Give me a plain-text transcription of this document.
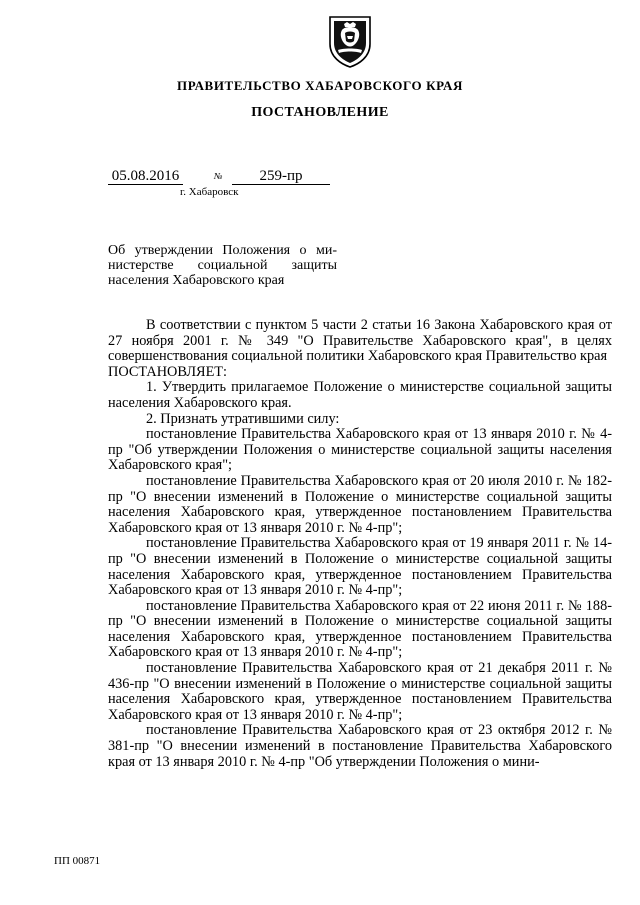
ПРАВИТЕЛЬСТВО ХАБАРОВСКОГО КРАЯ
ПОСТАНОВЛЕНИЕ
05.08.2016	№	259-пр
г. Хабаровск
Об утверждении Положения о ми-
нистерстве социальной защиты
населения Хабаровского края

В соответствии с пунктом 5 части 2 статьи 16 Закона Хабаровского края от 27 ноября 2001 г. № 349 "О Правительстве Хабаровского края", в целях совершенствования социальной политики Хабаровского края Правительство края

ПОСТАНОВЛЯЕТ:

1. Утвердить прилагаемое Положение о министерстве социальной защиты населения Хабаровского края.

2. Признать утратившими силу:

постановление Правительства Хабаровского края от 13 января 2010 г. № 4-пр "Об утверждении Положения о министерстве социальной защиты населения Хабаровского края";

постановление Правительства Хабаровского края от 20 июля 2010 г. № 182-пр "О внесении изменений в Положение о министерстве социальной защиты населения Хабаровского края, утвержденное постановлением Правительства Хабаровского края от 13 января 2010 г. № 4-пр";

постановление Правительства Хабаровского края от 19 января 2011 г. № 14-пр "О внесении изменений в Положение о министерстве социальной защиты населения Хабаровского края, утвержденное постановлением Правительства Хабаровского края от 13 января 2010 г. № 4-пр";

постановление Правительства Хабаровского края от 22 июня 2011 г. № 188-пр "О внесении изменений в Положение о министерстве социальной защиты населения Хабаровского края, утвержденное постановлением Правительства Хабаровского края от 13 января 2010 г. № 4-пр";

постановление Правительства Хабаровского края от 21 декабря 2011 г. № 436-пр "О внесении изменений в Положение о министерстве социальной защиты населения Хабаровского края, утвержденное постановлением Правительства Хабаровского края от 13 января 2010 г. № 4-пр";

постановление Правительства Хабаровского края от 23 октября 2012 г. № 381-пр "О внесении изменений в постановление Правительства Хабаровского края от 13 января 2010 г. № 4-пр "Об утверждении Положения о мини-

ПП 00871
